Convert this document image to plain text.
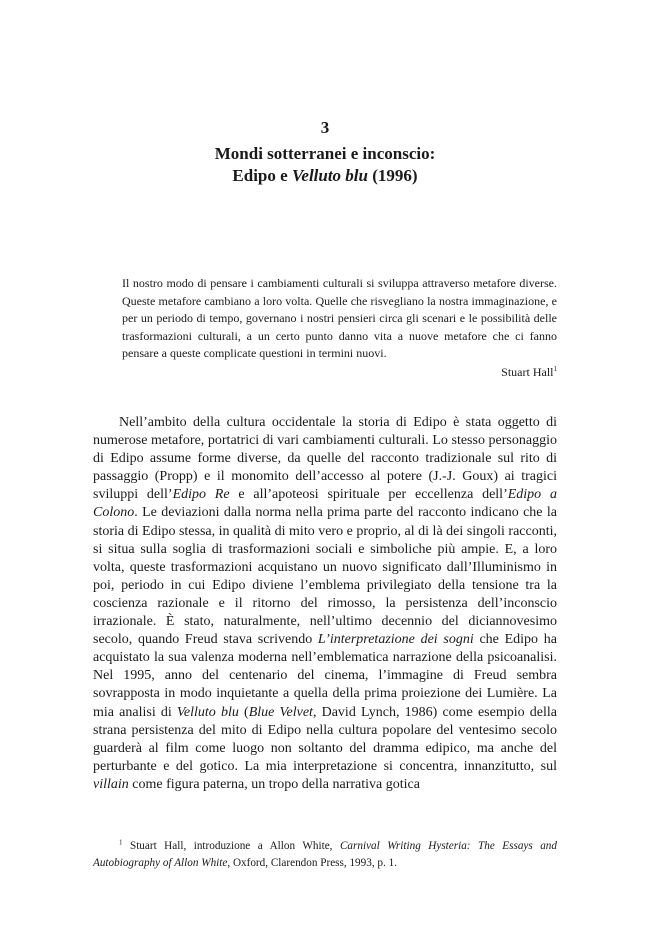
3
Mondi sotterranei e inconscio:
Edipo e Velluto blu (1996)

Il nostro modo di pensare i cambiamenti culturali si sviluppa attraverso metafore diverse. Queste metafore cambiano a loro volta. Quelle che risvegliano la nostra immaginazione, e per un periodo di tempo, governano i nostri pensieri circa gli scenari e le possibilità delle trasformazioni culturali, a un certo punto danno vita a nuove metafore che ci fanno pensare a queste complicate questioni in termini nuovi.

Stuart Hall$^1$

Nell’ambito della cultura occidentale la storia di Edipo è stata oggetto di numerose metafore, portatrici di vari cambiamenti culturali. Lo stesso personaggio di Edipo assume forme diverse, da quelle del racconto tradizionale sul rito di passaggio (Propp) e il monomito dell’accesso al potere (J.-J. Goux) ai tragici sviluppi dell’Edipo Re e all’apoteosi spirituale per eccellenza dell’Edipo a Colono. Le deviazioni dalla norma nella prima parte del racconto indicano che la storia di Edipo stessa, in qualità di mito vero e proprio, al di là dei singoli racconti, si situa sulla soglia di trasformazioni sociali e simboliche più ampie. E, a loro volta, queste trasformazioni acquistano un nuovo significato dall’Illuminismo in poi, periodo in cui Edipo diviene l’emblema privilegiato della tensione tra la coscienza razionale e il ritorno del rimosso, la persistenza dell’inconscio irrazionale. È stato, naturalmente, nell’ultimo decennio del diciannovesimo secolo, quando Freud stava scrivendo L’interpretazione dei sogni che Edipo ha acquistato la sua valenza moderna nell’emblematica narrazione della psicoanalisi. Nel 1995, anno del centenario del cinema, l’immagine di Freud sembra sovrapposta in modo inquietante a quella della prima proiezione dei Lumière. La mia analisi di Velluto blu (Blue Velvet, David Lynch, 1986) come esempio della strana persistenza del mito di Edipo nella cultura popolare del ventesimo secolo guarderà al film come luogo non soltanto del dramma edipico, ma anche del perturbante e del gotico. La mia interpretazione si concentra, innanzitutto, sul villain come figura paterna, un tropo della narrativa gotica

$^1$ Stuart Hall, introduzione a Allon White, Carnival Writing Hysteria: The Essays and Autobiography of Allon White, Oxford, Clarendon Press, 1993, p. 1.
